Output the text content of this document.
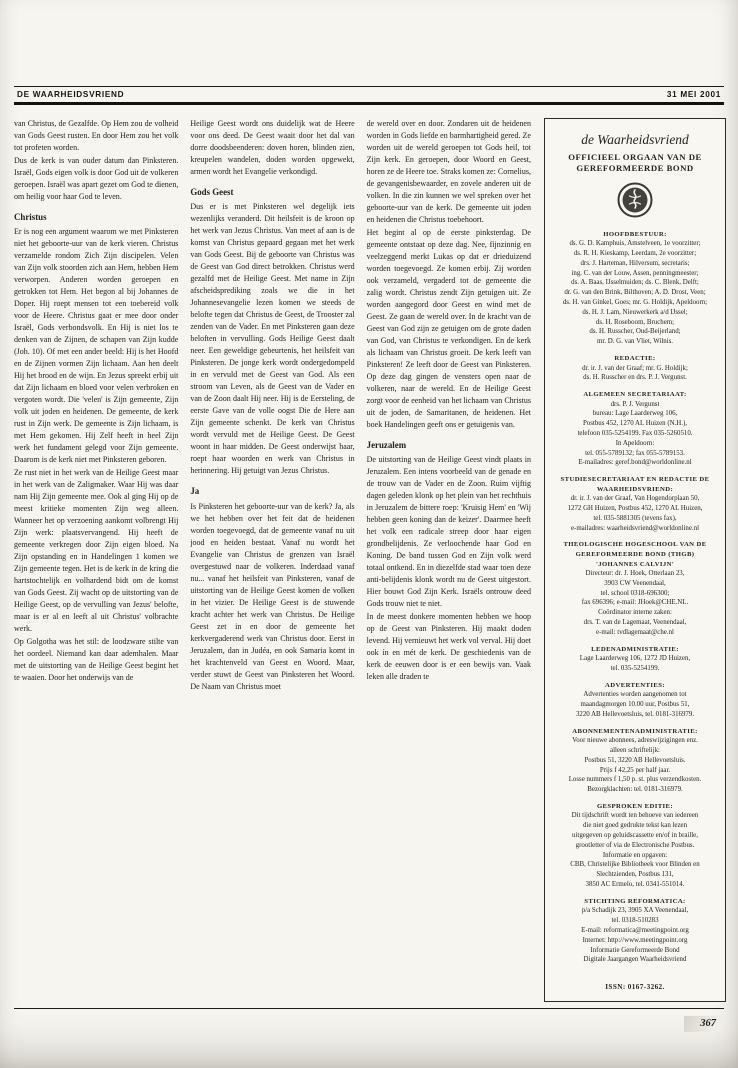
DE WAARHEIDSVRIEND	31 MEI 2001

van Christus, de Gezalfde. Op Hem zou de volheid van Gods Geest rusten. En door Hem zou het volk tot profeten worden.

Dus de kerk is van ouder datum dan Pinksteren. Israël, Gods eigen volk is door God uit de volkeren geroepen. Israël was apart gezet om God te dienen, om heilig voor haar God te leven.

Christus

Er is nog een argument waarom we met Pinksteren niet het geboorte-uur van de kerk vieren. Christus verzamelde rondom Zich Zijn discipelen. Velen van Zijn volk stoorden zich aan Hem, hebben Hem verworpen. Anderen worden geroepen en getrokken tot Hem. Het begon al bij Johannes de Doper. Hij roept mensen tot een toebereid volk voor de Heere. Christus gaat er mee door onder Israël, Gods verbondsvolk. En Hij is niet los te denken van de Zijnen, de schapen van Zijn kudde (Joh. 10). Of met een ander beeld: Hij is het Hoofd en de Zijnen vormen Zijn lichaam. Aan hen deelt Hij het brood en de wijn. En Jezus spreekt erbij uit dat Zijn lichaam en bloed voor velen verbroken en vergoten wordt. Die 'velen' is Zijn gemeente, Zijn volk uit joden en heidenen. De gemeente, de kerk rust in Zijn werk. De gemeente is Zijn lichaam, is met Hem gekomen. Hij Zelf heeft in heel Zijn werk het fundament gelegd voor Zijn gemeente. Daarom is de kerk niet met Pinksteren geboren.

Ze rust niet in het werk van de Heilige Geest maar in het werk van de Zaligmaker. Waar Hij was daar nam Hij Zijn gemeente mee. Ook al ging Hij op de meest kritieke momenten Zijn weg alleen. Wanneer het op verzoening aankomt volbrengt Hij Zijn werk: plaatsvervangend. Hij heeft de gemeente verkregen door Zijn eigen bloed. Na Zijn opstanding en in Handelingen 1 komen we Zijn gemeente tegen. Het is de kerk in de kring die hartstochtelijk en volhardend bidt om de komst van Gods Geest. Zij wacht op de uitstorting van de Heilige Geest, op de vervulling van Jezus' belofte, maar is er al en leeft al uit Christus' volbrachte werk.

Op Golgotha was het stil: de loodzware stilte van het oordeel. Niemand kan daar ademhalen. Maar met de uitstorting van de Heilige Geest begint het te waaien. Door het onderwijs van de

Heilige Geest wordt ons duidelijk wat de Heere voor ons deed. De Geest waait door het dal van dorre doodsbeenderen: doven horen, blinden zien, kreupelen wandelen, doden worden opgewekt, armen wordt het Evangelie verkondigd.

Gods Geest

Dus er is met Pinksteren wel degelijk iets wezenlijks veranderd. Dit heilsfeit is de kroon op het werk van Jezus Christus. Van meet af aan is de komst van Christus gepaard gegaan met het werk van Gods Geest. Bij de geboorte van Christus was de Geest van God direct betrokken. Christus werd gezalfd met de Heilige Geest. Met name in Zijn afscheidsprediking zoals we die in het Johannesevangelie lezen komen we steeds de belofte tegen dat Christus de Geest, de Trooster zal zenden van de Vader. En met Pinksteren gaan deze beloften in vervulling. Gods Heilige Geest daalt neer. Een geweldige gebeurtenis, het heilsfeit van Pinksteren. De jonge kerk wordt ondergedompeld in en vervuld met de Geest van God. Als een stroom van Leven, als de Geest van de Vader en van de Zoon daalt Hij neer. Hij is de Eersteling, de eerste Gave van de volle oogst Die de Here aan Zijn gemeente schenkt. De kerk van Christus wordt vervuld met de Heilige Geest. De Geest woont in haar midden. De Geest onderwijst haar, roept haar woorden en werk van Christus in herinnering. Hij getuigt van Jezus Christus.

Ja

Is Pinksteren het geboorte-uur van de kerk? Ja, als we het hebben over het feit dat de heidenen worden toegevoegd, dat de gemeente vanaf nu uit jood en heiden bestaat. Vanaf nu wordt het Evangelie van Christus de grenzen van Israël overgestuwd naar de volkeren. Inderdaad vanaf nu... vanaf het heilsfeit van Pinksteren, vanaf de uitstorting van de Heilige Geest komen de volken in het vizier. De Heilige Geest is de stuwende kracht achter het werk van Christus. De Heilige Geest zet in en door de gemeente het kerkvergaderend werk van Christus door. Eerst in Jeruzalem, dan in Judéa, en ook Samaria komt in het krachtenveld van Geest en Woord. Maar, verder stuwt de Geest van Pinksteren het Woord. De Naam van Christus moet

de wereld over en door. Zondaren uit de heidenen worden in Gods liefde en barmhartigheid gered. Ze worden uit de wereld geroepen tot Gods heil, tot Zijn kerk. En geroepen, door Woord en Geest, horen ze de Heere toe. Straks komen ze: Cornelius, de gevangenisbewaarder, en zovele anderen uit de volken. In die zin kunnen we wel spreken over het geboorte-uur van de kerk. De gemeente uit joden en heidenen die Christus toebehoort.

Het begint al op de eerste pinksterdag. De gemeente ontstaat op deze dag. Nee, fijnzinnig en veelzeggend merkt Lukas op dat er drieduizend worden toegevoegd. Ze komen erbij. Zij worden ook verzameld, vergaderd tot de gemeente die zalig wordt. Christus zendt Zijn getuigen uit. Ze worden aangegord door Geest en wind met de Geest. Ze gaan de wereld over. In de kracht van de Geest van God zijn ze getuigen om de grote daden van God, van Christus te verkondigen. En de kerk als lichaam van Christus groeit. De kerk leeft van Pinksteren! Ze leeft door de Geest van Pinksteren. Op deze dag gingen de vensters open naar de volkeren, naar de wereld. En de Heilige Geest zorgt voor de eenheid van het lichaam van Christus uit de joden, de Samaritanen, de heidenen. Het boek Handelingen geeft ons er getuigenis van.

Jeruzalem

De uitstorting van de Heilige Geest vindt plaats in Jeruzalem. Een intens voorbeeld van de genade en de trouw van de Vader en de Zoon. Ruim vijftig dagen geleden klonk op het plein van het rechthuis in Jeruzalem de bittere roep: 'Kruisig Hem' en 'Wij hebben geen koning dan de keizer'. Daarmee heeft het volk een radicale streep door haar eigen grondbelijdenis. Ze verloochende haar God en Koning. De band tussen God en Zijn volk werd totaal ontkend. En in diezelfde stad waar toen deze anti-belijdenis klonk wordt nu de Geest uitgestort. Hier bouwt God Zijn Kerk. Israëls ontrouw deed Gods trouw niet te niet.

In de meest donkere momenten hebben we hoop op de Geest van Pinksteren. Hij maakt doden levend. Hij vernieuwt het werk vol verval. Hij doet ook ín en mét de kerk. De geschiedenis van de kerk de eeuwen door is er een bewijs van. Vaak leken alle draden te

de Waarheidsvriend
OFFICIEEL ORGAAN VAN DE
GEREFORMEERDE BOND
HOOFDBESTUUR:
ds. G. D. Kamphuis, Amstelveen, 1e voorzitter;
ds. R. H. Kieskamp, Leerdam, 2e voorzitter;
drs. J. Harteman, Hilversum, secretaris;
ing. C. van der Louw, Assen, penningmeester;
ds. A. Baas, IJsselmuiden; ds. C. Blenk, Delft;
dr. G. van den Brink, Bilthoven; A. D. Drost, Veen;
ds. H. van Ginkel, Goes; mr. G. Holdijk, Apeldoorn;
ds. H. J. Lam, Nieuwerkerk a/d IJssel;
ds. H. Roseboom, Bruchem;
ds. H. Russcher, Oud-Beijerland;
mr. D. G. van Vliet, Wilnis.
REDACTIE:
dr. ir. J. van der Graaf; mr. G. Holdijk;
ds. H. Russcher en drs. P. J. Vergunst.
ALGEMEEN SECRETARIAAT:
drs. P. J. Vergunst
bureau: Lage Laarderweg 106,
Postbus 452, 1270 AL Huizen (N.H.),
telefoon 035-5254199. Fax 035-5260510.
In Apeldoorn:
tel. 055-5789132; fax 055-5789153.
E-mailadres: geref.bond@worldonline.nl
STUDIESECRETARIAAT EN REDACTIE DE WAARHEIDSVRIEND:
dr. ir. J. van der Graaf, Van Hogendorplaan 50,
1272 GH Huizen, Postbus 452, 1270 AL Huizen,
tel. 035-5881305 (tevens fax),
e-mailadres: waarheidsvriend@worldonline.nl
THEOLOGISCHE HOGESCHOOL VAN DE GEREFORMEERDE BOND (THGB) 'JOHANNES CALVIJN'
Directeur: dr. J. Hoek, Otterlaan 23,
3903 CW Veenendaal,
tel. school 0318-696300;
fax 696396; e-mail: JHoek@CHE.NL.
Coördinator interne zaken:
drs. T. van de Lagemaat, Veenendaal,
e-mail: tvdlagemaat@che.nl
LEDENADMINISTRATIE:
Lage Laarderweg 106, 1272 JD Huizen,
tel. 035-5254199.
ADVERTENTIES:
Advertenties worden aangenomen tot
maandagmorgen 10.00 uur, Postbus 51,
3220 AB Hellevoetsluis, tel. 0181-316979.
ABONNEMENTENADMINISTRATIE:
Voor nieuwe abonnees, adreswijzigingen enz.
alleen schriftelijk:
Postbus 51, 3220 AB Hellevoetsluis.
Prijs f 42,25 per half jaar.
Losse nummers f 1,50 p. st. plus verzendkosten.
Bezorgklachten: tel. 0181-316979.
GESPROKEN EDITIE:
Dit tijdschrift wordt ten behoeve van iedereen
die niet goed gedrukte tekst kan lezen
uitgegeven op geluidscassette en/of in braille,
grootletter of via de Electronische Postbus.
Informatie en opgaven:
CBB, Christelijke Bibliotheek voor Blinden en
Slechtzienden, Postbus 131,
3850 AC Ermelo, tel. 0341-551014.
STICHTING REFORMATICA:
p/a Schadijk 23, 3905 XA Veenendaal,
tel. 0318-510283
E-mail: reformatica@meetingpoint.org
Internet: http://www.meetingpoint.org
Informatie Gereformeerde Bond
Digitale Jaargangen Waarheidsvriend
ISSN: 0167-3262.
367
